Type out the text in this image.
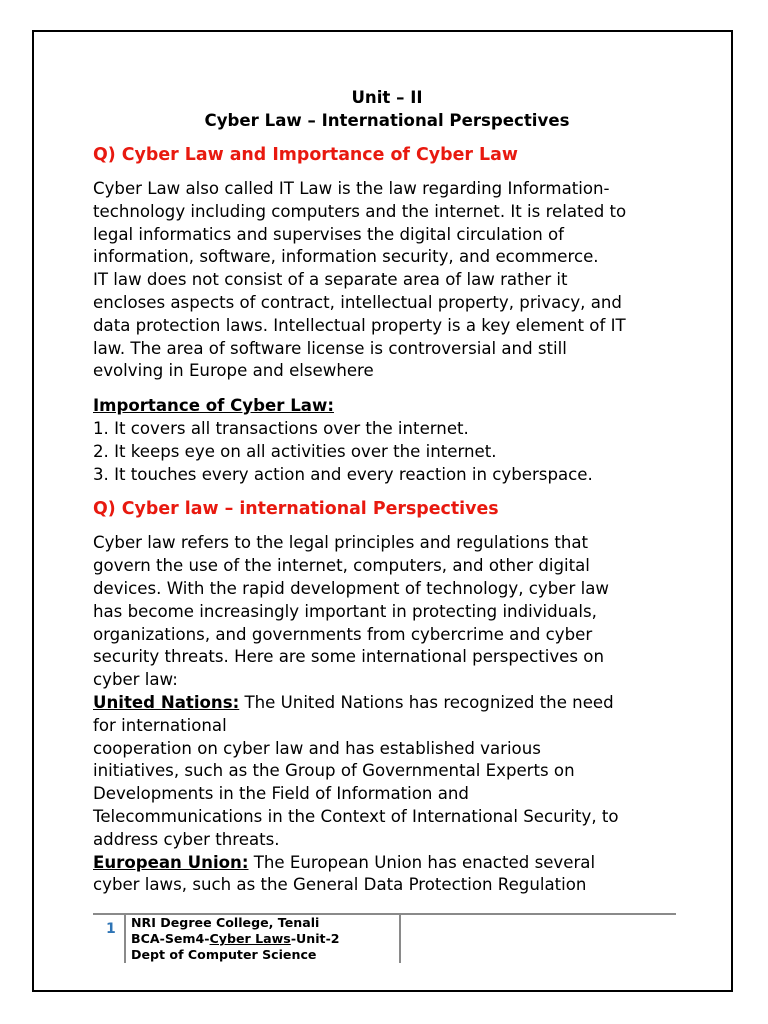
Unit – II
Cyber Law – International Perspectives
Q) Cyber Law and Importance of Cyber Law

Cyber Law also called IT Law is the law regarding Information-

technology including computers and the internet. It is related to

legal informatics and supervises the digital circulation of

information, software, information security, and ecommerce.

IT law does not consist of a separate area of law rather it

encloses aspects of contract, intellectual property, privacy, and

data protection laws. Intellectual property is a key element of IT

law. The area of software license is controversial and still

evolving in Europe and elsewhere

Importance of Cyber Law:

1. It covers all transactions over the internet.

2. It keeps eye on all activities over the internet.

3. It touches every action and every reaction in cyberspace.

Q) Cyber law – international Perspectives

Cyber law refers to the legal principles and regulations that

govern the use of the internet, computers, and other digital

devices. With the rapid development of technology, cyber law

has become increasingly important in protecting individuals,

organizations, and governments from cybercrime and cyber

security threats. Here are some international perspectives on

cyber law:

United Nations: The United Nations has recognized the need

for international

cooperation on cyber law and has established various

initiatives, such as the Group of Governmental Experts on

Developments in the Field of Information and

Telecommunications in the Context of International Security, to

address cyber threats.

European Union: The European Union has enacted several

cyber laws, such as the General Data Protection Regulation

1 NRI Degree College, Tenali
BCA-Sem4-Cyber Laws-Unit-2
Dept of Computer Science
